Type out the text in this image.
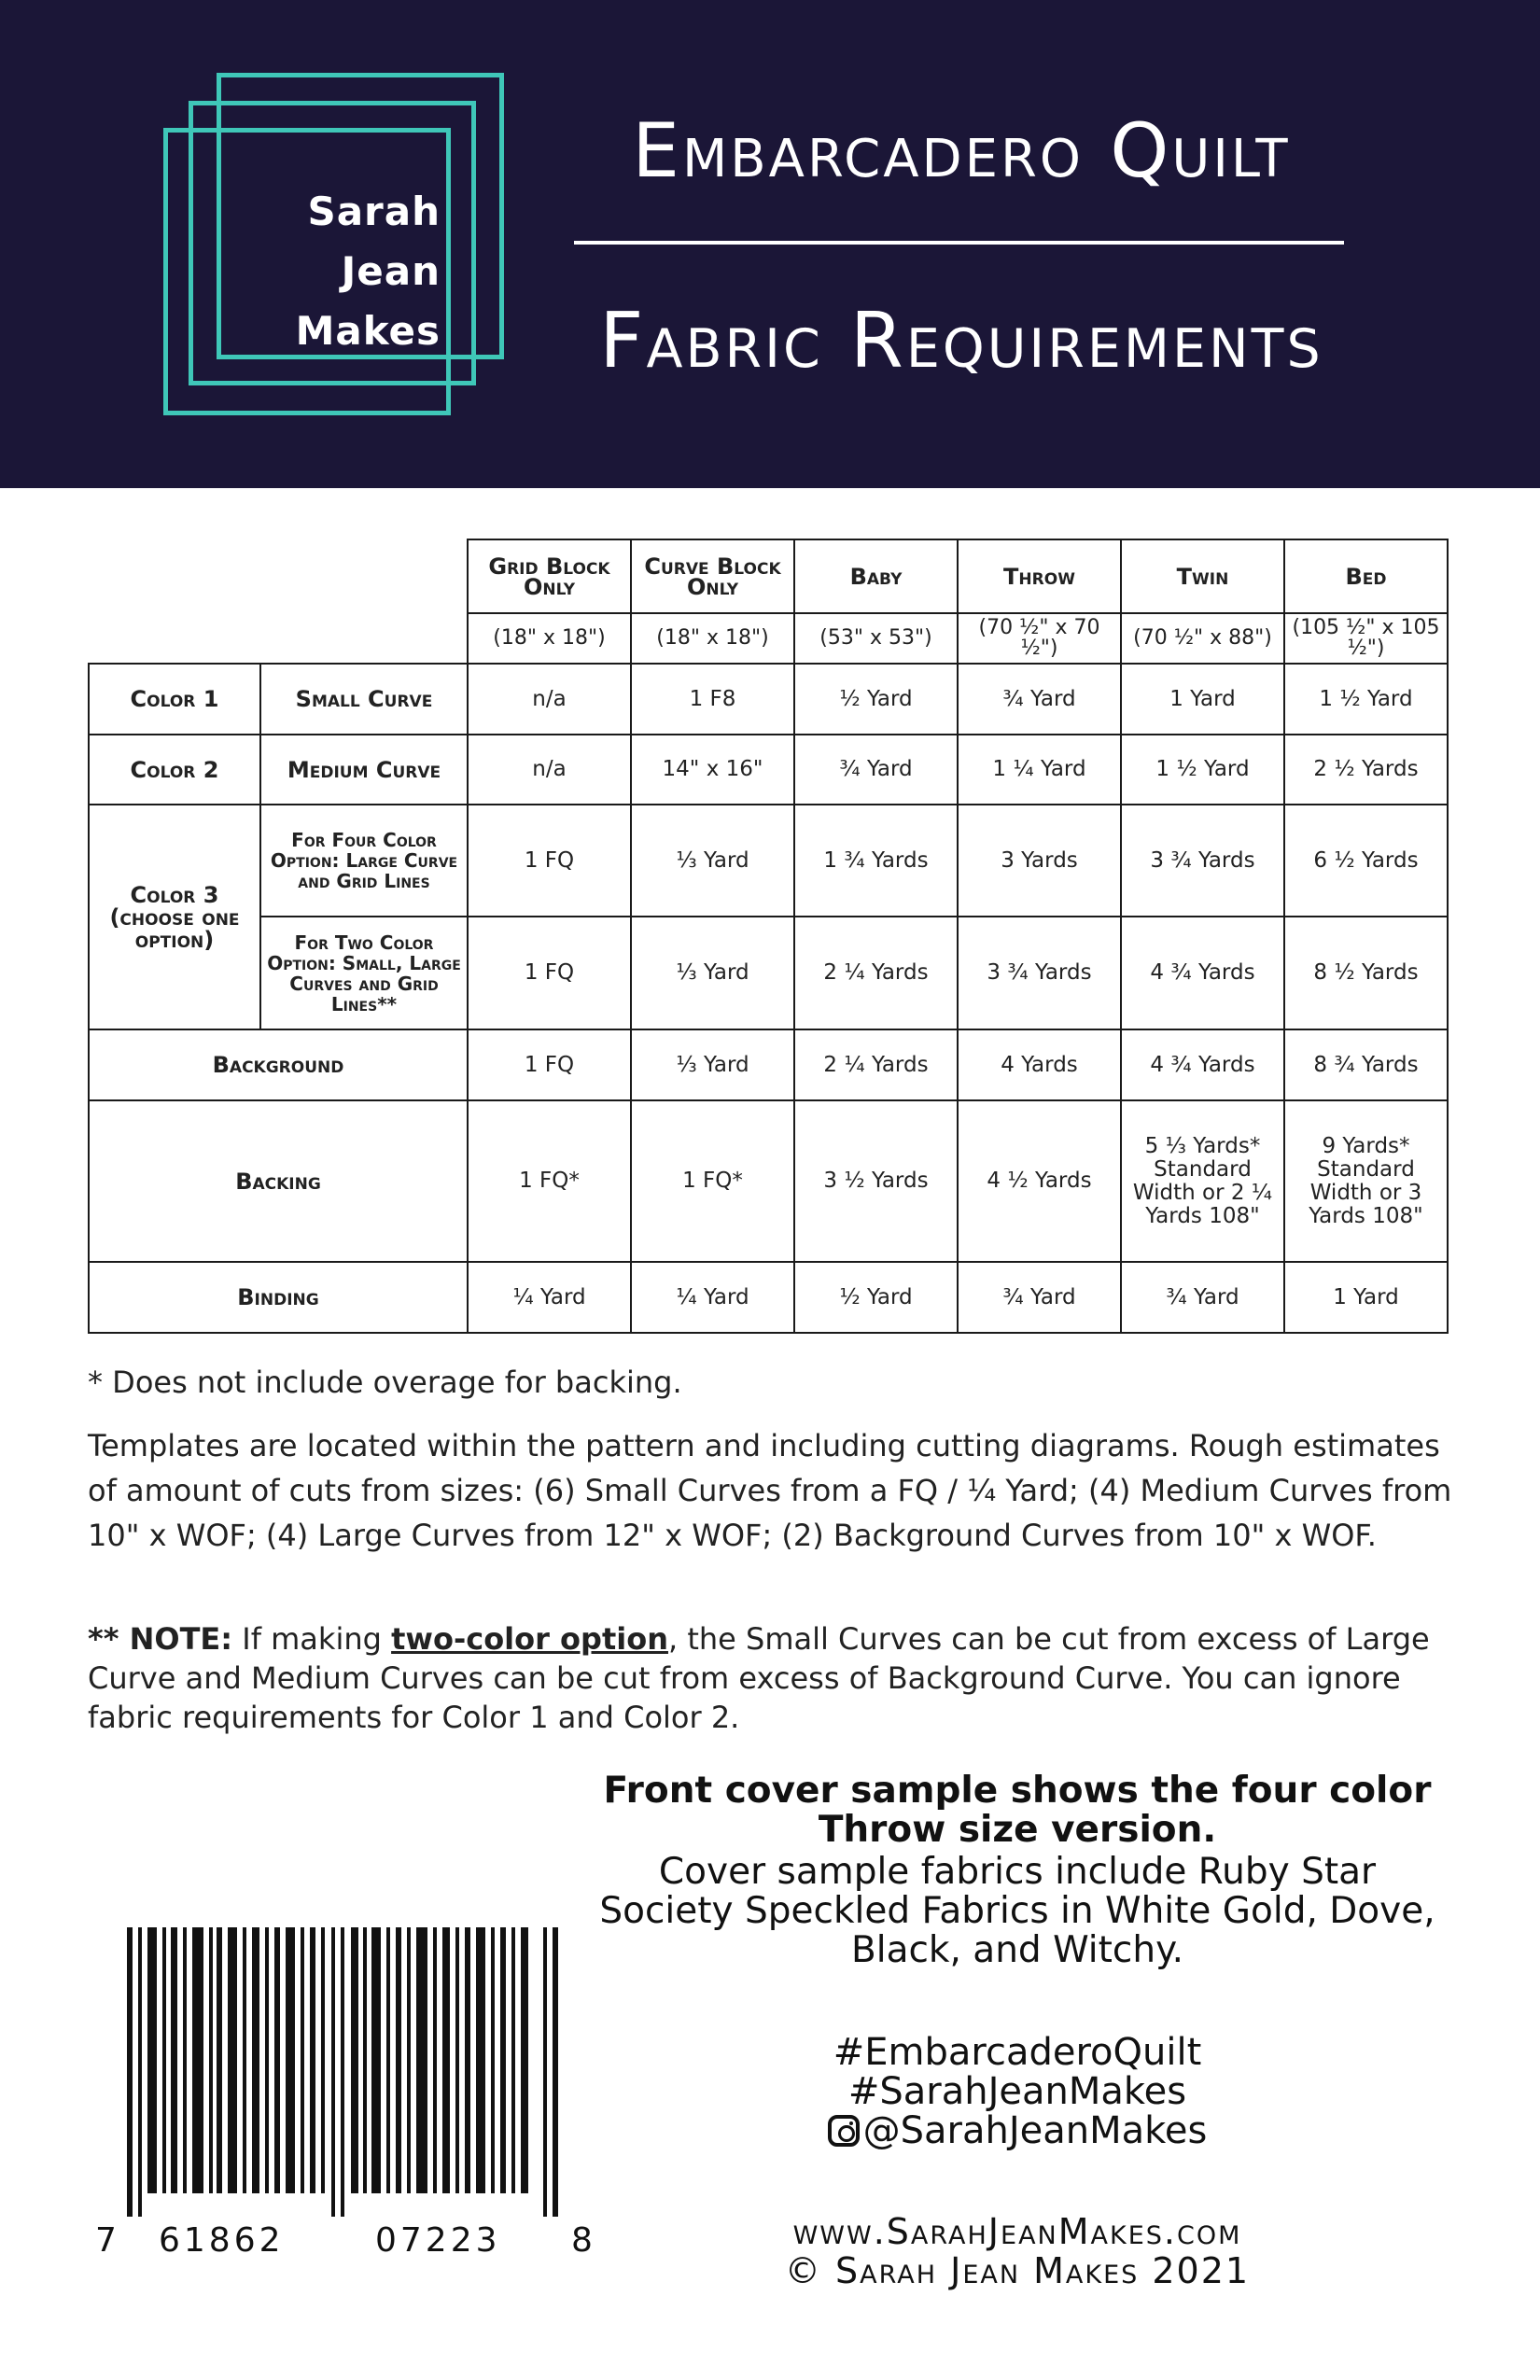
Sarah
Jean
Makes
Embarcadero Quilt
Fabric Requirements
		Grid Block Only	Curve Block Only	Baby	Throw	Twin	Bed
		(18" x 18")	(18" x 18")	(53" x 53")	(70 ½" x 70 ½")	(70 ½" x 88")	(105 ½" x 105 ½")
Color 1	Small Curve	n/a	1 F8	½ Yard	¾ Yard	1 Yard	1 ½ Yard
Color 2	Medium Curve	n/a	14" x 16"	¾ Yard	1 ¼ Yard	1 ½ Yard	2 ½ Yards
Color 3 (choose one option)	For Four Color Option: Large Curve and Grid Lines	1 FQ	⅓ Yard	1 ¾ Yards	3 Yards	3 ¾ Yards	6 ½ Yards
	For Two Color Option: Small, Large Curves and Grid Lines**	1 FQ	⅓ Yard	2 ¼ Yards	3 ¾ Yards	4 ¾ Yards	8 ½ Yards
Background		1 FQ	⅓ Yard	2 ¼ Yards	4 Yards	4 ¾ Yards	8 ¾ Yards
Backing		1 FQ*	1 FQ*	3 ½ Yards	4 ½ Yards	5 ⅓ Yards* Standard Width or 2 ¼ Yards 108"	9 Yards* Standard Width or 3 Yards 108"
Binding		¼ Yard	¼ Yard	½ Yard	¾ Yard	¾ Yard	1 Yard
* Does not include overage for backing.
Templates are located within the pattern and including cutting diagrams. Rough estimates of amount of cuts from sizes: (6) Small Curves from a FQ / ¼ Yard; (4) Medium Curves from 10" x WOF; (4) Large Curves from 12" x WOF; (2) Background Curves from 10" x WOF.
** NOTE: If making two-color option, the Small Curves can be cut from excess of Large Curve and Medium Curves can be cut from excess of Background Curve. You can ignore fabric requirements for Color 1 and Color 2.
7 61862	07223 8
Front cover sample shows the four color Throw size version.
Cover sample fabrics include Ruby Star Society Speckled Fabrics in White Gold, Dove, Black, and Witchy.
#EmbarcaderoQuilt
#SarahJeanMakes
@SarahJeanMakes
www.SarahJeanMakes.com
© Sarah Jean Makes 2021
